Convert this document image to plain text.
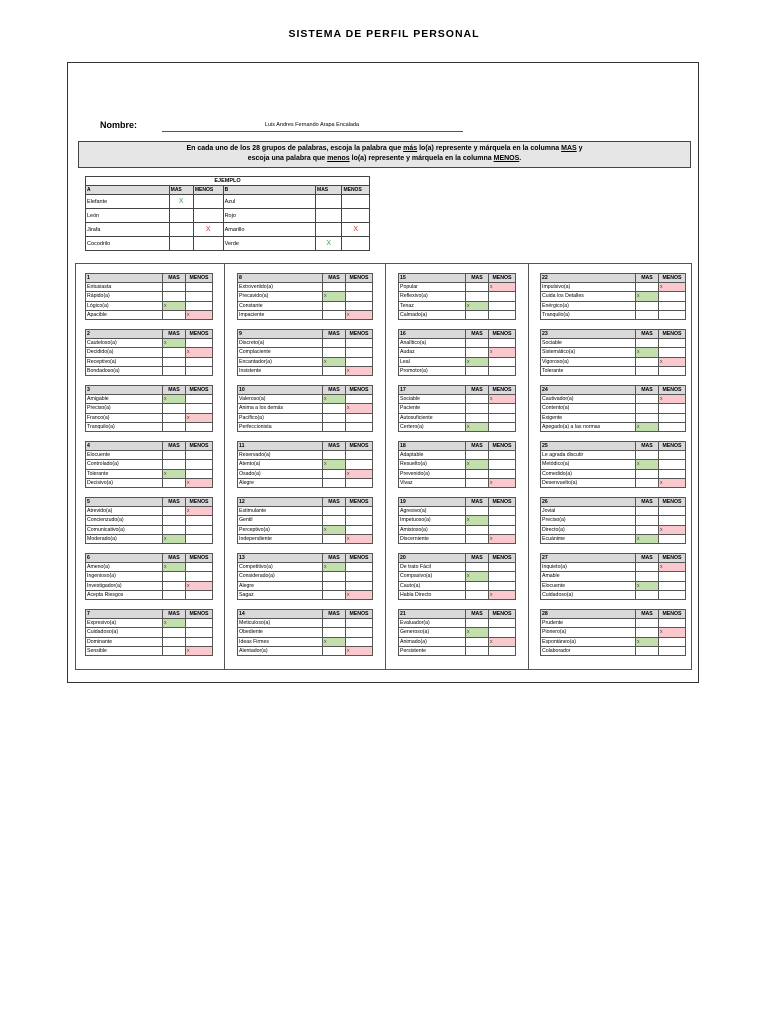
SISTEMA DE PERFIL PERSONAL
Nombre:	Luis Andres Fernando Arapa Encalada
En cada uno de los 28 grupos de palabras, escoja la palabra que más lo(a) represente y márquela en la columna MAS y
escoja una palabra que menos lo(a) represente y márquela en la columna MENOS.
EJEMPLO					
A	MAS	MENOS	B	MAS	MENOS
Elefante	X		Azul		
León			Rojo		
Jirafa		X	Amarillo		X
Cocodrilo			Verde	X	
1	MAS	MENOS
Entusiasta		
Rápido(a)		
Lógico(a)	x	
Apacible		x
2	MAS	MENOS
Cauteloso(a)	x	
Decidido(a)		x
Receptivo(a)		
Bondadoso(a)		
3	MAS	MENOS
Amigable	x	
Preciso(a)		
Franco(a)		x
Tranquilo(a)		
4	MAS	MENOS
Elocuente		
Controlado(a)		
Tolerante	x	
Decisivo(a)		x
5	MAS	MENOS
Atrevido(a)		x
Concienzudo(a)		
Comunicativo(a)		
Moderado(a)	x	
6	MAS	MENOS
Ameno(a)	x	
Ingenioso(a)		
Investigador(a)		x
Acepta Riesgos		
7	MAS	MENOS
Expresivo(a)	x	
Cuidadoso(a)		
Dominante		
Sensible		x
8	MAS	MENOS
Extrovertido(a)		
Precavido(a)	x	
Constante		
Impaciente		x
9	MAS	MENOS
Discreto(a)		
Complaciente		
Encantador(a)	x	
Insistente		x
10	MAS	MENOS
Valeroso(a)	x	
Anima a los demás		x
Pacífico(a)		
Perfeccionista		
11	MAS	MENOS
Reservado(a)		
Atento(a)	x	
Osado(a)		x
Alegre		
12	MAS	MENOS
Estimulante		
Gentil		
Perceptivo(a)	x	
Independiente		x
13	MAS	MENOS
Competitivo(a)	x	
Considerado(a)		
Alegre		
Sagaz		x
14	MAS	MENOS
Meticuloso(a)		
Obediente		
Ideas Firmes	x	
Alentador(a)		x
15	MAS	MENOS
Popular		x
Reflexivo(a)		
Tenaz	x	
Calmado(a)		
16	MAS	MENOS
Analítico(a)		
Audaz		x
Leal	x	
Promotor(a)		
17	MAS	MENOS
Sociable		x
Paciente		
Autosuficiente		
Certero(a)	x	
18	MAS	MENOS
Adaptable		
Resuelto(a)	x	
Prevenido(a)		
Vivaz		x
19	MAS	MENOS
Agresivo(a)		
Impetuoso(a)	x	
Amistoso(a)		
Discerniente		x
20	MAS	MENOS
De trato Fácil		
Compasivo(a)	x	
Cauto(a)		
Habla Directo		x
21	MAS	MENOS
Evaluador(a)		
Generoso(a)	x	
Animado(a)		x
Persistente		
22	MAS	MENOS
Impulsivo(a)		x
Cuida los Detalles	x	
Enérgico(a)		
Tranquilo(a)		
23	MAS	MENOS
Sociable		
Sistemático(a)	x	
Vigoroso(a)		x
Tolerante		
24	MAS	MENOS
Cautivador(a)		x
Contento(a)		
Exigente		
Apegado(a) a las normas	x	
25	MAS	MENOS
Le agrada discutir		
Metódico(a)	x	
Comedido(a)		
Desenvuelto(a)		x
26	MAS	MENOS
Jovial		
Preciso(a)		
Directo(a)		x
Ecuánime	x	
27	MAS	MENOS
Inquieto(a)		x
Amable		
Elocuente	x	
Cuidadoso(a)		
28	MAS	MENOS
Prudente		
Pionero(a)		x
Espontáneo(a)	x	
Colaborador		
